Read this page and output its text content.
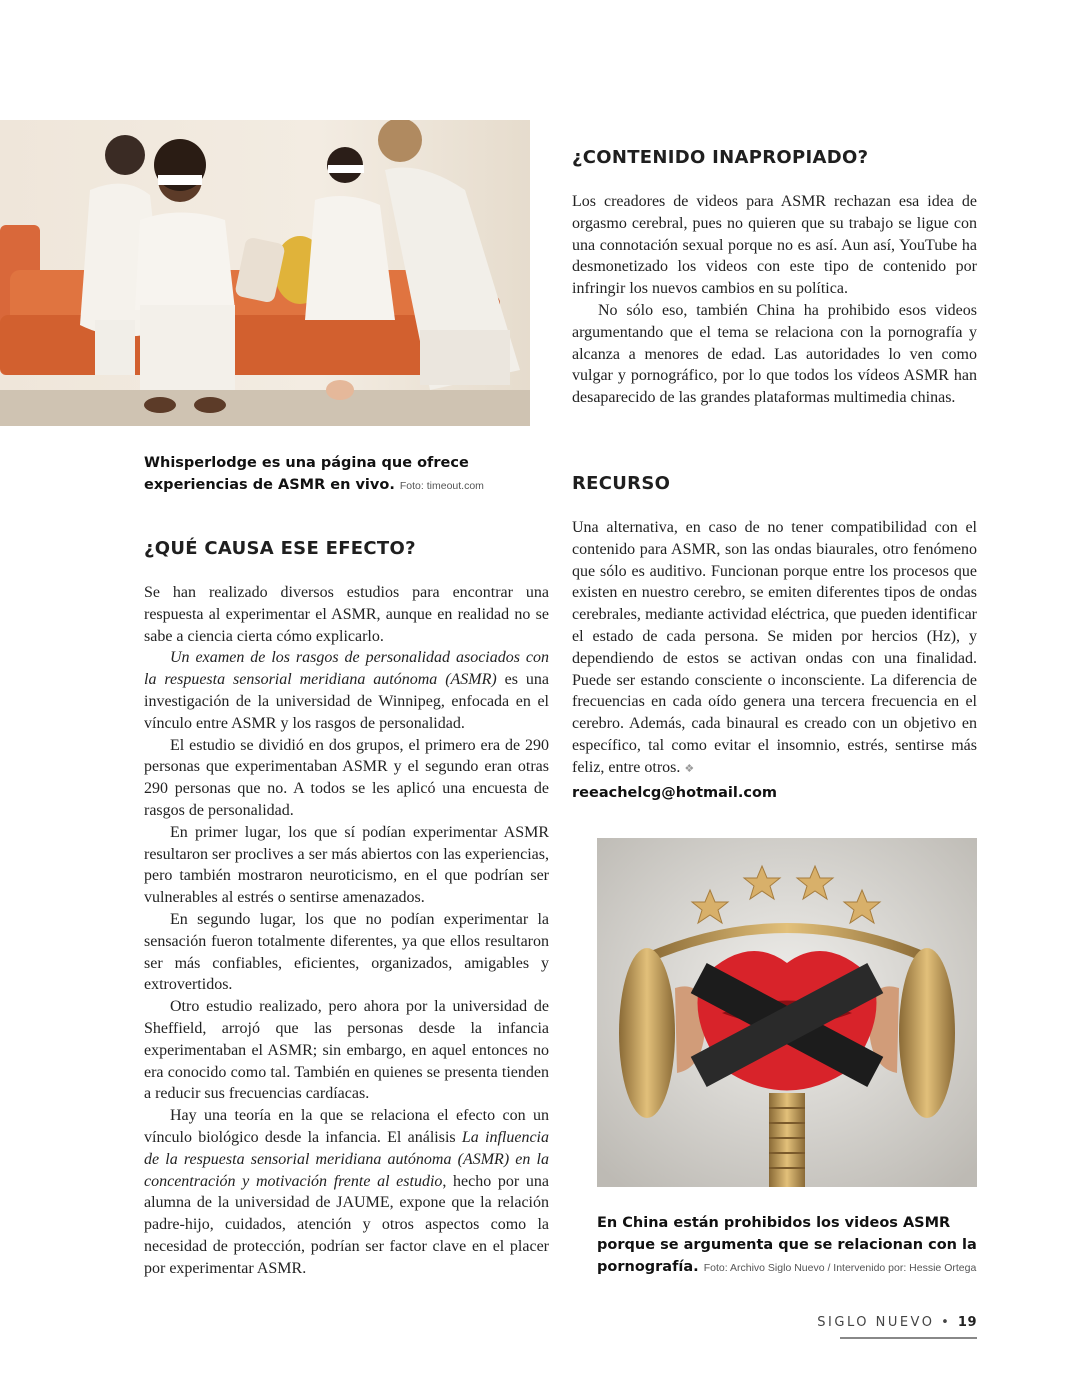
Whisperlodge es una página que ofrece experiencias de ASMR en vivo. Foto: timeout.com
¿QUÉ CAUSA ESE EFECTO?

Se han realizado diversos estudios para encontrar una respuesta al experimentar el ASMR, aunque en realidad no se sabe a ciencia cierta cómo explicarlo.

Un examen de los rasgos de personalidad asociados con la respuesta sensorial meridiana autónoma (ASMR) es una investigación de la universidad de Winnipeg, enfocada en el vínculo entre ASMR y los rasgos de personalidad.

El estudio se dividió en dos grupos, el primero era de 290 personas que experimentaban ASMR y el segundo eran otras 290 personas que no. A todos se les aplicó una encuesta de rasgos de personalidad.

En primer lugar, los que sí podían experimentar ASMR resultaron ser proclives a ser más abiertos con las experiencias, pero también mostraron neuroticismo, en el que podrían ser vulnerables al estrés o sentirse amenazados.

En segundo lugar, los que no podían experimentar la sensación fueron totalmente diferentes, ya que ellos resultaron ser más confiables, eficientes, organizados, amigables y extrovertidos.

Otro estudio realizado, pero ahora por la universidad de Sheffield, arrojó que las personas desde la infancia experimentaban el ASMR; sin embargo, en aquel entonces no era conocido como tal. También en quienes se presenta tienden a reducir sus frecuencias cardíacas.

Hay una teoría en la que se relaciona el efecto con un vínculo biológico desde la infancia. El análisis La influencia de la respuesta sensorial meridiana autónoma (ASMR) en la concentración y motivación frente al estudio, hecho por una alumna de la universidad de JAUME, expone que la relación padre-hijo, cuidados, atención y otros aspectos como la necesidad de protección, podrían ser factor clave en el placer por experimentar ASMR.

¿CONTENIDO INAPROPIADO?

Los creadores de videos para ASMR rechazan esa idea de orgasmo cerebral, pues no quieren que su trabajo se ligue con una connotación sexual porque no es así. Aun así, YouTube ha desmonetizado los videos con este tipo de contenido por infringir los nuevos cambios en su política.

No sólo eso, también China ha prohibido esos videos argumentando que el tema se relaciona con la pornografía y alcanza a menores de edad. Las autoridades lo ven como vulgar y pornográfico, por lo que todos los vídeos ASMR han desaparecido de las grandes plataformas multimedia chinas.

RECURSO

Una alternativa, en caso de no tener compatibilidad con el contenido para ASMR, son las ondas biaurales, otro fenómeno que sólo es auditivo. Funcionan porque entre los procesos que existen en nuestro cerebro, se emiten diferentes tipos de ondas cerebrales, mediante actividad eléctrica, que pueden identificar el estado de cada persona. Se miden por hercios (Hz), y dependiendo de estos se activan ondas con una finalidad. Puede ser estando consciente o inconsciente. La diferencia de frecuencias en cada oído genera una tercera frecuencia en el cerebro. Además, cada binaural es creado con un objetivo en específico, tal como evitar el insomnio, estrés, sentirse más feliz, entre otros. ❖

reeachelcg@hotmail.com
En China están prohibidos los videos ASMR porque se argumenta que se relacionan con la pornografía. Foto: Archivo Siglo Nuevo / Intervenido por: Hessie Ortega
SIGLO NUEVO • 19
